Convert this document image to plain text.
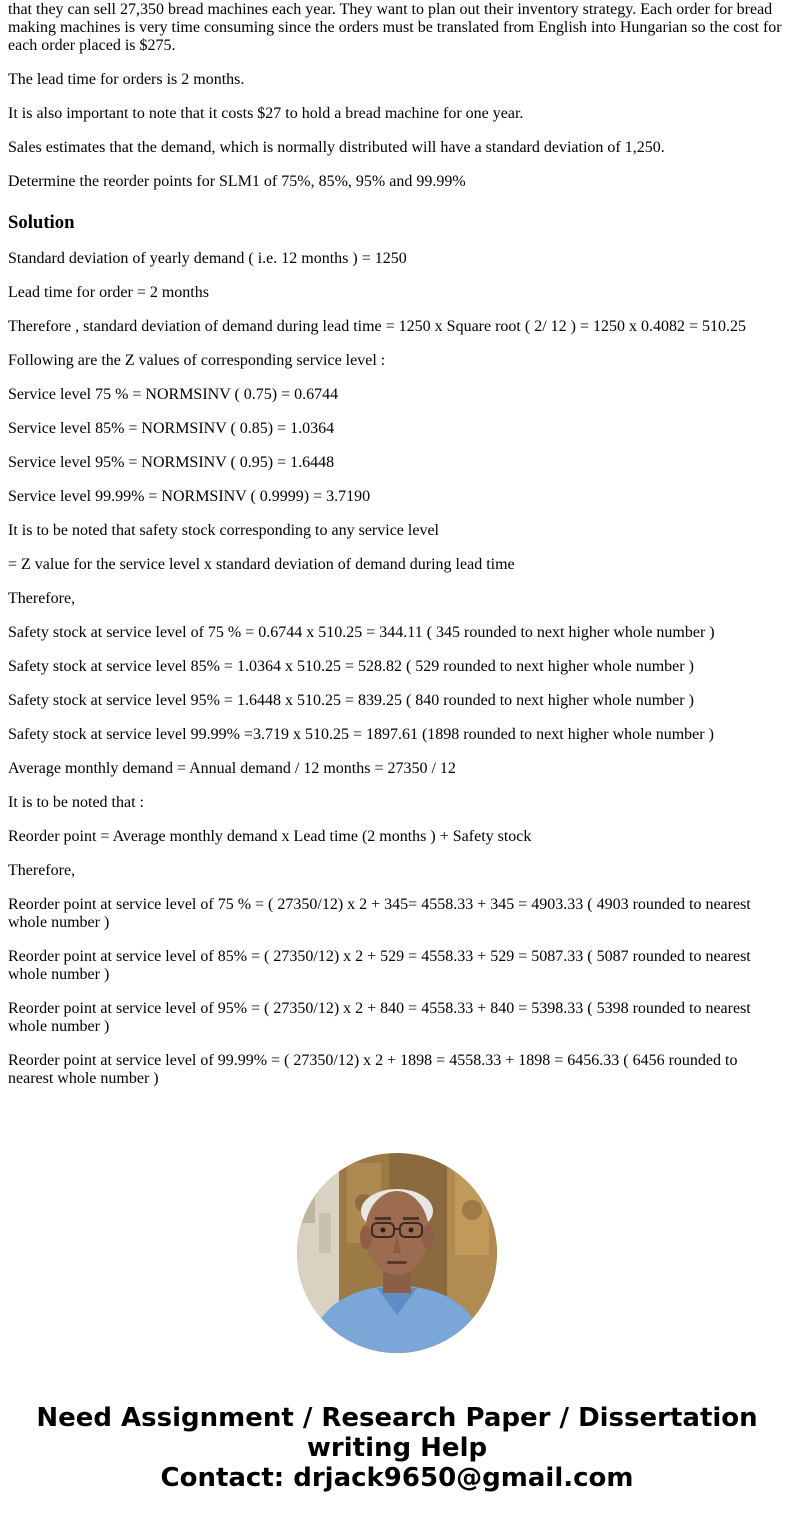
that they can sell 27,350 bread machines each year. They want to plan out their inventory strategy. Each order for bread making machines is very time consuming since the orders must be translated from English into Hungarian so the cost for each order placed is $275.

The lead time for orders is 2 months.

It is also important to note that it costs $27 to hold a bread machine for one year.

Sales estimates that the demand, which is normally distributed will have a standard deviation of 1,250.

Determine the reorder points for SLM1 of 75%, 85%, 95% and 99.99%

Solution

Standard deviation of yearly demand ( i.e. 12 months ) = 1250

Lead time for order = 2 months

Therefore , standard deviation of demand during lead time = 1250 x Square root ( 2/ 12 ) = 1250 x 0.4082 = 510.25

Following are the Z values of corresponding service level :

Service level 75 % = NORMSINV ( 0.75) = 0.6744

Service level 85% = NORMSINV ( 0.85) = 1.0364

Service level 95% = NORMSINV ( 0.95) = 1.6448

Service level 99.99% = NORMSINV ( 0.9999) = 3.7190

It is to be noted that safety stock corresponding to any service level

= Z value for the service level x standard deviation of demand during lead time

Therefore,

Safety stock at service level of 75 % = 0.6744 x 510.25 = 344.11 ( 345 rounded to next higher whole number )

Safety stock at service level 85% = 1.0364 x 510.25 = 528.82 ( 529 rounded to next higher whole number )

Safety stock at service level 95% = 1.6448 x 510.25 = 839.25 ( 840 rounded to next higher whole number )

Safety stock at service level 99.99% =3.719 x 510.25 = 1897.61 (1898 rounded to next higher whole number )

Average monthly demand = Annual demand / 12 months = 27350 / 12

It is to be noted that :

Reorder point = Average monthly demand x Lead time (2 months ) + Safety stock

Therefore,

Reorder point at service level of 75 % = ( 27350/12) x 2 + 345= 4558.33 + 345 = 4903.33 ( 4903 rounded to nearest whole number )

Reorder point at service level of 85% = ( 27350/12) x 2 + 529 = 4558.33 + 529 = 5087.33 ( 5087 rounded to nearest whole number )

Reorder point at service level of 95% = ( 27350/12) x 2 + 840 = 4558.33 + 840 = 5398.33 ( 5398 rounded to nearest whole number )

Reorder point at service level of 99.99% = ( 27350/12) x 2 + 1898 = 4558.33 + 1898 = 6456.33 ( 6456 rounded to nearest whole number )

Need Assignment / Research Paper / Dissertation writing Help
Contact: drjack9650@gmail.com
